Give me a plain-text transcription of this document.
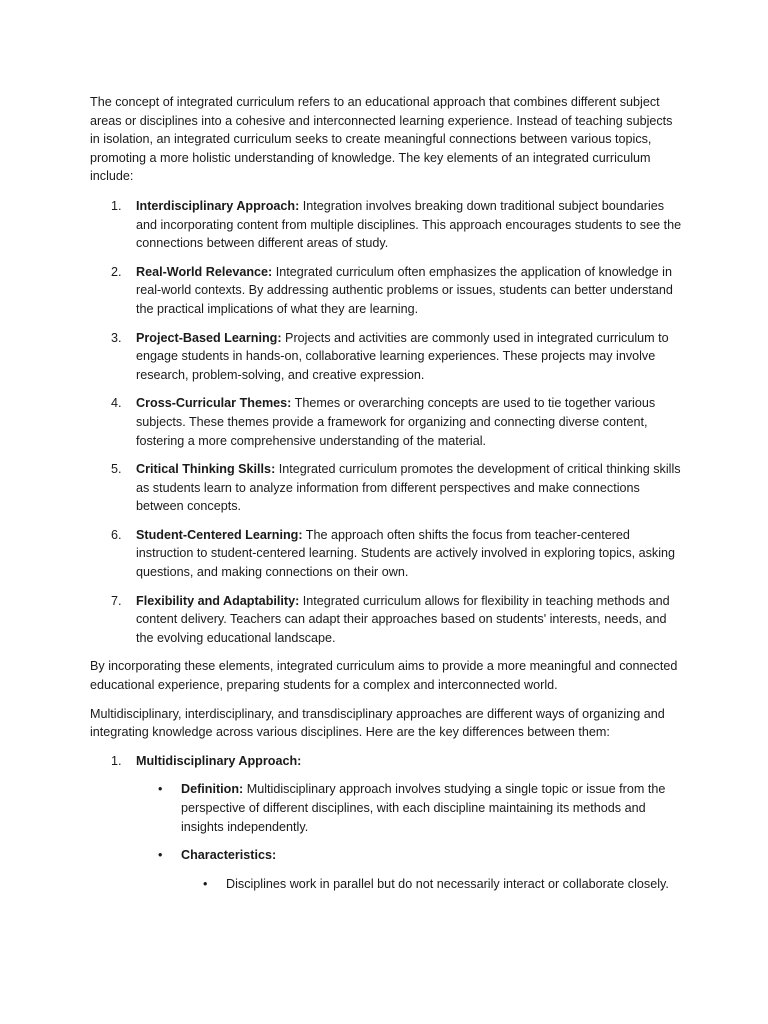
The concept of integrated curriculum refers to an educational approach that combines different subject areas or disciplines into a cohesive and interconnected learning experience. Instead of teaching subjects in isolation, an integrated curriculum seeks to create meaningful connections between various topics, promoting a more holistic understanding of knowledge. The key elements of an integrated curriculum include:

1.	Interdisciplinary Approach: Integration involves breaking down traditional subject boundaries and incorporating content from multiple disciplines. This approach encourages students to see the connections between different areas of study.
2.	Real-World Relevance: Integrated curriculum often emphasizes the application of knowledge in real-world contexts. By addressing authentic problems or issues, students can better understand the practical implications of what they are learning.
3.	Project-Based Learning: Projects and activities are commonly used in integrated curriculum to engage students in hands-on, collaborative learning experiences. These projects may involve research, problem-solving, and creative expression.
4.	Cross-Curricular Themes: Themes or overarching concepts are used to tie together various subjects. These themes provide a framework for organizing and connecting diverse content, fostering a more comprehensive understanding of the material.
5.	Critical Thinking Skills: Integrated curriculum promotes the development of critical thinking skills as students learn to analyze information from different perspectives and make connections between concepts.
6.	Student-Centered Learning: The approach often shifts the focus from teacher-centered instruction to student-centered learning. Students are actively involved in exploring topics, asking questions, and making connections on their own.
7.	Flexibility and Adaptability: Integrated curriculum allows for flexibility in teaching methods and content delivery. Teachers can adapt their approaches based on students' interests, needs, and the evolving educational landscape.

By incorporating these elements, integrated curriculum aims to provide a more meaningful and connected educational experience, preparing students for a complex and interconnected world.

Multidisciplinary, interdisciplinary, and transdisciplinary approaches are different ways of organizing and integrating knowledge across various disciplines. Here are the key differences between them:

1.	Multidisciplinary Approach:
• Definition: Multidisciplinary approach involves studying a single topic or issue from the perspective of different disciplines, with each discipline maintaining its methods and insights independently.
• Characteristics:
• Disciplines work in parallel but do not necessarily interact or collaborate closely.
